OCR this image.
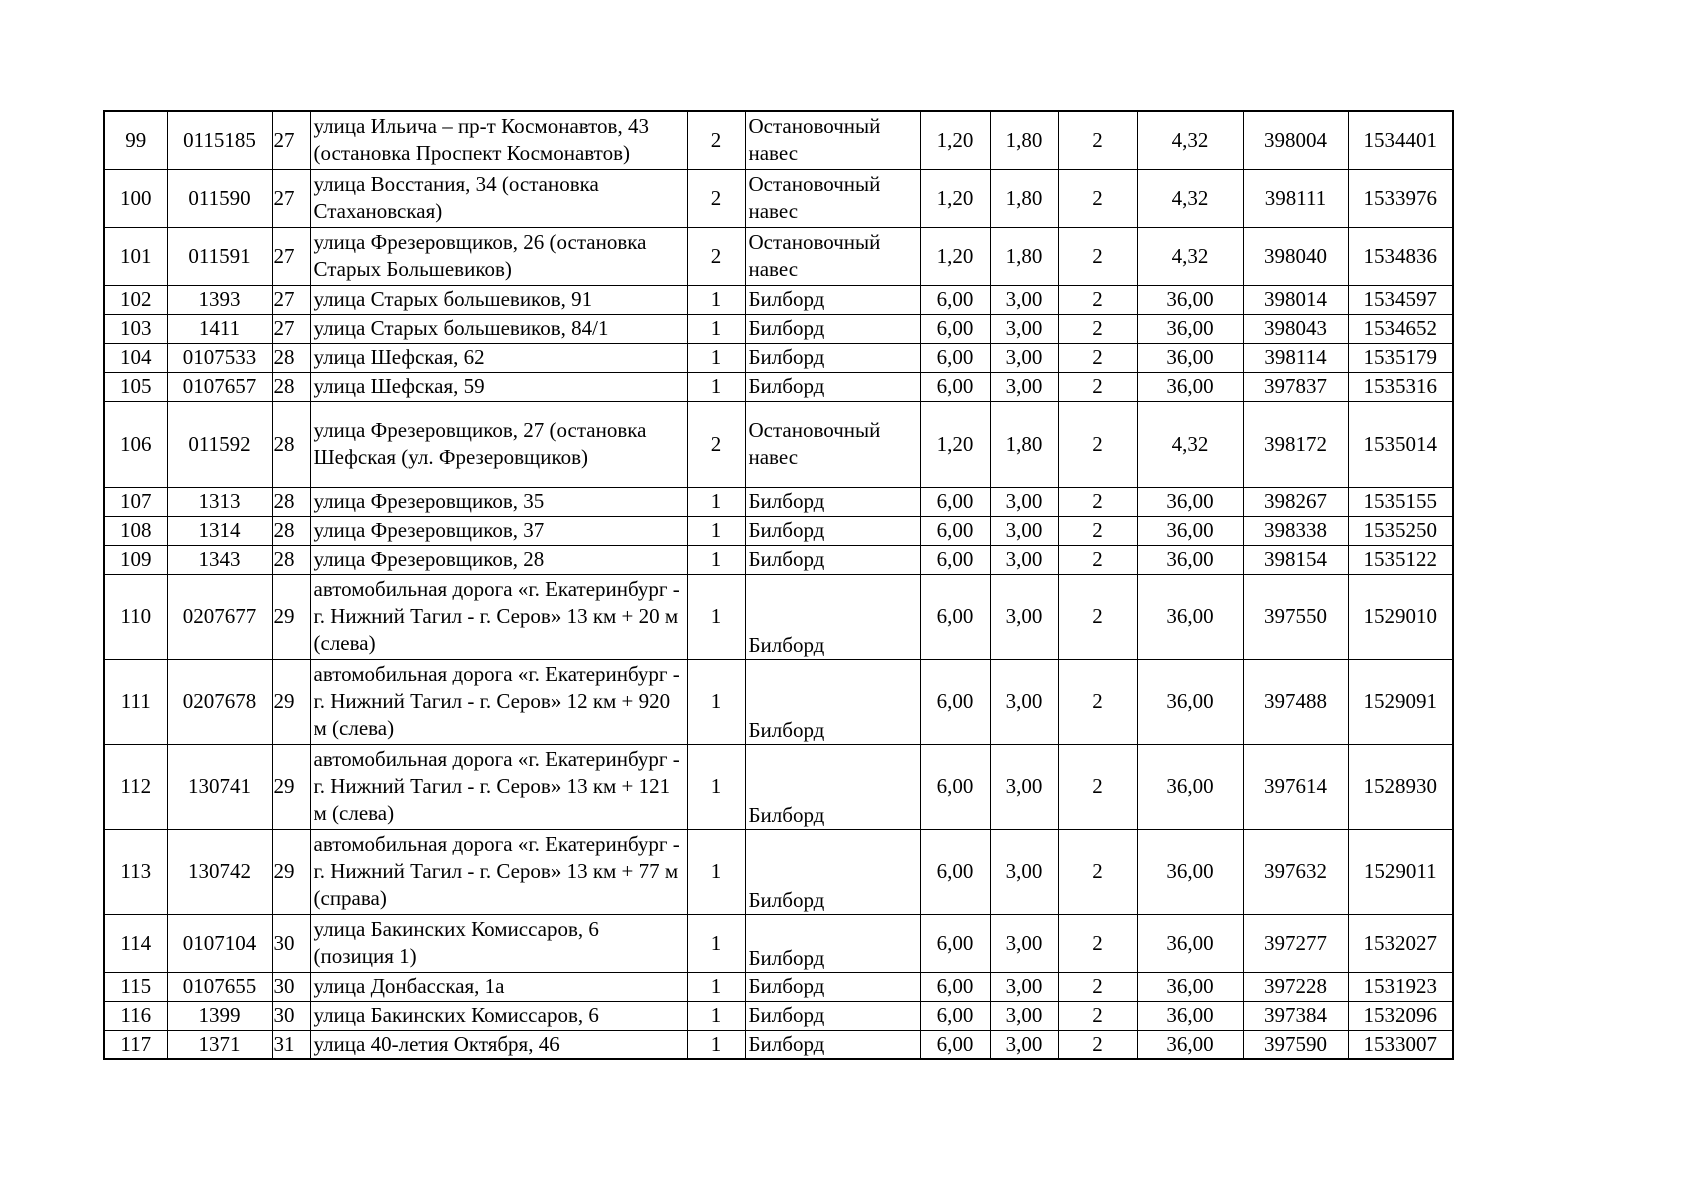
99	0115185	27	улица Ильича – пр-т Космонавтов, 43 (остановка Проспект Космонавтов)	2	Остановочный навес	1,20	1,80	2	4,32	398004	1534401
100	011590	27	улица Восстания, 34 (остановка Стахановская)	2	Остановочный навес	1,20	1,80	2	4,32	398111	1533976
101	011591	27	улица Фрезеровщиков, 26 (остановка Старых Большевиков)	2	Остановочный навес	1,20	1,80	2	4,32	398040	1534836
102	1393	27	улица Старых большевиков, 91	1	Билборд	6,00	3,00	2	36,00	398014	1534597
103	1411	27	улица Старых большевиков, 84/1	1	Билборд	6,00	3,00	2	36,00	398043	1534652
104	0107533	28	улица Шефская, 62	1	Билборд	6,00	3,00	2	36,00	398114	1535179
105	0107657	28	улица Шефская, 59	1	Билборд	6,00	3,00	2	36,00	397837	1535316
106	011592	28	улица Фрезеровщиков, 27 (остановка Шефская (ул. Фрезеровщиков)	2	Остановочный навес	1,20	1,80	2	4,32	398172	1535014
107	1313	28	улица Фрезеровщиков, 35	1	Билборд	6,00	3,00	2	36,00	398267	1535155
108	1314	28	улица Фрезеровщиков, 37	1	Билборд	6,00	3,00	2	36,00	398338	1535250
109	1343	28	улица Фрезеровщиков, 28	1	Билборд	6,00	3,00	2	36,00	398154	1535122
110	0207677	29	автомобильная дорога «г. Екатеринбург - г. Нижний Тагил - г. Серов» 13 км + 20 м (слева)	1	Билборд	6,00	3,00	2	36,00	397550	1529010
111	0207678	29	автомобильная дорога «г. Екатеринбург - г. Нижний Тагил - г. Серов» 12 км + 920 м (слева)	1	Билборд	6,00	3,00	2	36,00	397488	1529091
112	130741	29	автомобильная дорога «г. Екатеринбург - г. Нижний Тагил - г. Серов» 13 км + 121 м (слева)	1	Билборд	6,00	3,00	2	36,00	397614	1528930
113	130742	29	автомобильная дорога «г. Екатеринбург - г. Нижний Тагил - г. Серов» 13 км + 77 м (справа)	1	Билборд	6,00	3,00	2	36,00	397632	1529011
114	0107104	30	улица Бакинских Комиссаров, 6 (позиция 1)	1	Билборд	6,00	3,00	2	36,00	397277	1532027
115	0107655	30	улица Донбасская, 1а	1	Билборд	6,00	3,00	2	36,00	397228	1531923
116	1399	30	улица Бакинских Комиссаров, 6	1	Билборд	6,00	3,00	2	36,00	397384	1532096
117	1371	31	улица 40-летия Октября, 46	1	Билборд	6,00	3,00	2	36,00	397590	1533007
